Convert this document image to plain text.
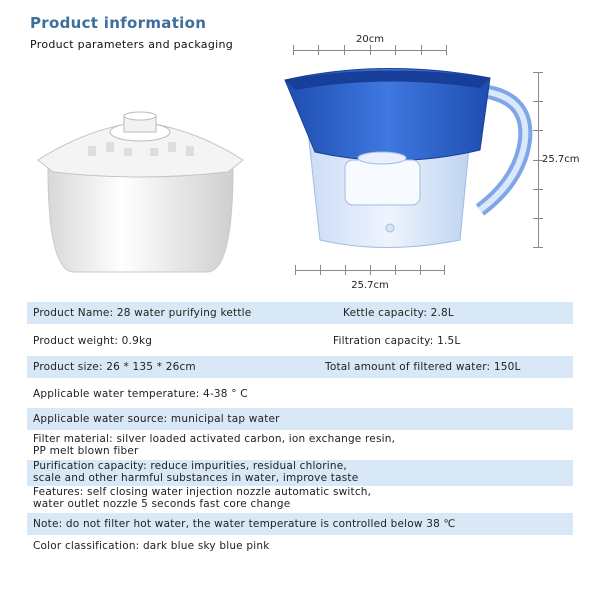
Product information
Product parameters and packaging	20cm
25.7cm
25.7cm
Product Name: 28 water purifying kettle	Kettle capacity: 2.8L
Product weight: 0.9kg	Filtration capacity: 1.5L
Product size: 26 * 135 * 26cm	Total amount of filtered water: 150L
Applicable water temperature: 4-38 ° C
Applicable water source: municipal tap water
Filter material: silver loaded activated carbon, ion exchange resin,
PP melt blown fiber
Purification capacity: reduce impurities, residual chlorine,
scale and other harmful substances in water, improve taste
Features: self closing water injection nozzle automatic switch,
water outlet nozzle 5 seconds fast core change
Note: do not filter hot water, the water temperature is controlled below 38 ℃
Color classification: dark blue sky blue pink
